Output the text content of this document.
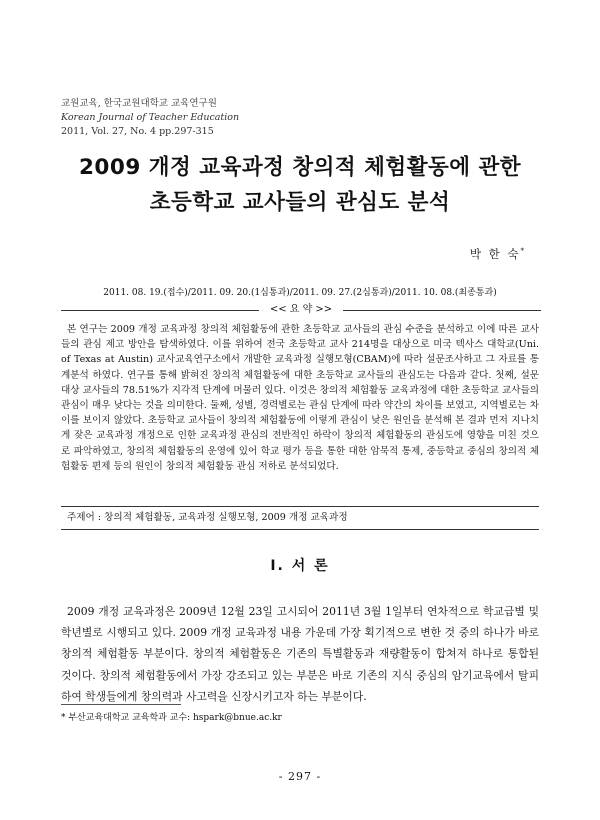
교원교육, 한국교원대학교 교육연구원
Korean Journal of Teacher Education
2011, Vol. 27, No. 4 pp.297-315
2009 개정 교육과정 창의적 체험활동에 관한
초등학교 교사들의 관심도 분석
박 한 숙*
2011. 08. 19.(접수)/2011. 09. 20.(1심통과)/2011. 09. 27.(2심통과)/2011. 10. 08.(최종통과)
<< 요 약 >>

본 연구는 2009 개정 교육과정 창의적 체험활동에 관한 초등학교 교사들의 관심 수준을 분석하고 이에 따른 교사들의 관심 제고 방안을 탐색하였다. 이를 위하여 전국 초등학교 교사 214명을 대상으로 미국 텍사스 대학교(Uni. of Texas at Austin) 교사교육연구소에서 개발한 교육과정 실행모형(CBAM)에 따라 설문조사하고 그 자료를 통계분석 하였다. 연구를 통해 밝혀진 창의적 체험활동에 대한 초등학교 교사들의 관심도는 다음과 같다. 첫째, 설문 대상 교사들의 78.51%가 지각적 단계에 머물러 있다. 이것은 창의적 체험활동 교육과정에 대한 초등학교 교사들의 관심이 매우 낮다는 것을 의미한다. 둘째, 성별, 경력별로는 관심 단계에 따라 약간의 차이를 보였고, 지역별로는 차이를 보이지 않았다. 초등학교 교사들이 창의적 체험활동에 이렇게 관심이 낮은 원인을 분석해 본 결과 먼저 지나치게 잦은 교육과정 개정으로 인한 교육과정 관심의 전반적인 하락이 창의적 체험활동의 관심도에 영향을 미친 것으로 파악하였고, 창의적 체험활동의 운영에 있어 학교 평가 등을 통한 대한 암묵적 통제, 중등학교 중심의 창의적 체험활동 편제 등의 원인이 창의적 체험활동 관심 저하로 분석되었다.

주제어 : 창의적 체험활동, 교육과정 실행모형, 2009 개정 교육과정
I. 서 론

2009 개정 교육과정은 2009년 12월 23일 고시되어 2011년 3월 1일부터 연차적으로 학교급별 및 학년별로 시행되고 있다. 2009 개정 교육과정 내용 가운데 가장 획기적으로 변한 것 중의 하나가 바로 창의적 체험활동 부분이다. 창의적 체험활동은 기존의 특별활동과 재량활동이 합쳐져 하나로 통합된 것이다. 창의적 체험활동에서 가장 강조되고 있는 부분은 바로 기존의 지식 중심의 암기교육에서 탈피하여 학생들에게 창의력과 사고력을 신장시키고자 하는 부분이다.

* 부산교육대학교 교육학과 교수: hspark@bnue.ac.kr
- 297 -
